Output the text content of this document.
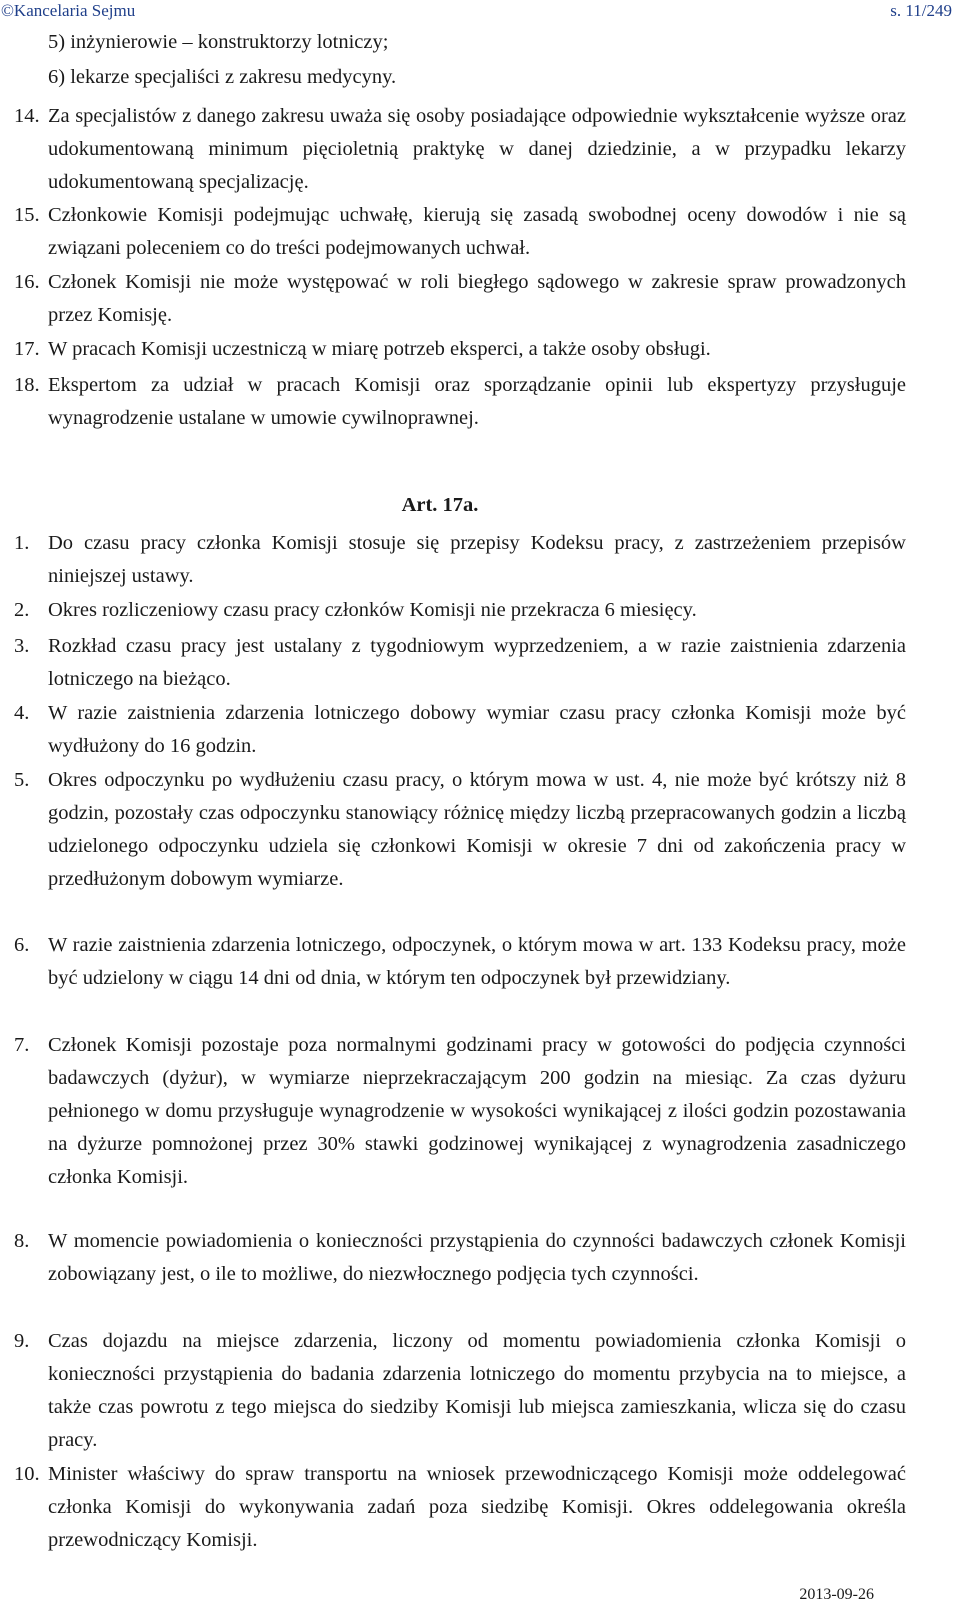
©Kancelaria Sejmu	s. 11/249
5) inżynierowie – konstruktorzy lotniczy;
6) lekarze specjaliści z zakresu medycyny.
14. Za specjalistów z danego zakresu uważa się osoby posiadające odpowiednie wykształcenie wyższe oraz udokumentowaną minimum pięcioletnią praktykę w danej dziedzinie, a w przypadku lekarzy udokumentowaną specjalizację.
15. Członkowie Komisji podejmując uchwałę, kierują się zasadą swobodnej oceny dowodów i nie są związani poleceniem co do treści podejmowanych uchwał.
16. Członek Komisji nie może występować w roli biegłego sądowego w zakresie spraw prowadzonych przez Komisję.
17. W pracach Komisji uczestniczą w miarę potrzeb eksperci, a także osoby obsługi.
18. Ekspertom za udział w pracach Komisji oraz sporządzanie opinii lub ekspertyzy przysługuje wynagrodzenie ustalane w umowie cywilnoprawnej.
Art. 17a.
1. Do czasu pracy członka Komisji stosuje się przepisy Kodeksu pracy, z zastrzeżeniem przepisów niniejszej ustawy.
2. Okres rozliczeniowy czasu pracy członków Komisji nie przekracza 6 miesięcy.
3. Rozkład czasu pracy jest ustalany z tygodniowym wyprzedzeniem, a w razie zaistnienia zdarzenia lotniczego na bieżąco.
4. W razie zaistnienia zdarzenia lotniczego dobowy wymiar czasu pracy członka Komisji może być wydłużony do 16 godzin.
5. Okres odpoczynku po wydłużeniu czasu pracy, o którym mowa w ust. 4, nie może być krótszy niż 8 godzin, pozostały czas odpoczynku stanowiący różnicę między liczbą przepracowanych godzin a liczbą udzielonego odpoczynku udziela się członkowi Komisji w okresie 7 dni od zakończenia pracy w przedłużonym dobowym wymiarze.
6. W razie zaistnienia zdarzenia lotniczego, odpoczynek, o którym mowa w art. 133 Kodeksu pracy, może być udzielony w ciągu 14 dni od dnia, w którym ten odpoczynek był przewidziany.
7. Członek Komisji pozostaje poza normalnymi godzinami pracy w gotowości do podjęcia czynności badawczych (dyżur), w wymiarze nieprzekraczającym 200 godzin na miesiąc. Za czas dyżuru pełnionego w domu przysługuje wynagrodzenie w wysokości wynikającej z ilości godzin pozostawania na dyżurze pomnożonej przez 30% stawki godzinowej wynikającej z wynagrodzenia zasadniczego członka Komisji.
8. W momencie powiadomienia o konieczności przystąpienia do czynności badawczych członek Komisji zobowiązany jest, o ile to możliwe, do niezwłocznego podjęcia tych czynności.
9. Czas dojazdu na miejsce zdarzenia, liczony od momentu powiadomienia członka Komisji o konieczności przystąpienia do badania zdarzenia lotniczego do momentu przybycia na to miejsce, a także czas powrotu z tego miejsca do siedziby Komisji lub miejsca zamieszkania, wlicza się do czasu pracy.
10. Minister właściwy do spraw transportu na wniosek przewodniczącego Komisji może oddelegować członka Komisji do wykonywania zadań poza siedzibę Komisji. Okres oddelegowania określa przewodniczący Komisji.
2013-09-26
